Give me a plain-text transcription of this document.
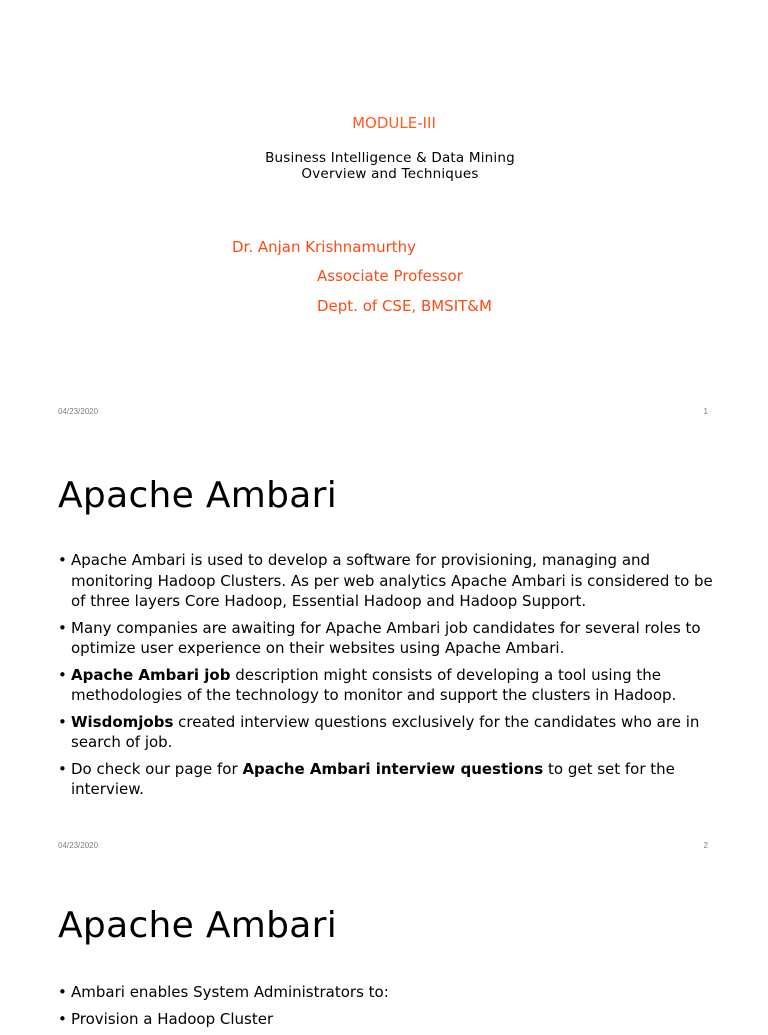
MODULE-III
Business Intelligence & Data Mining
Overview and Techniques
Dr. Anjan Krishnamurthy
Associate Professor
Dept. of CSE, BMSIT&M
04/23/2020	1
Apache Ambari
• Apache Ambari is used to develop a software for provisioning, managing and monitoring Hadoop Clusters. As per web analytics Apache Ambari is considered to be of three layers Core Hadoop, Essential Hadoop and Hadoop Support.
• Many companies are awaiting for Apache Ambari job candidates for several roles to optimize user experience on their websites using Apache Ambari.
• Apache Ambari job description might consists of developing a tool using the methodologies of the technology to monitor and support the clusters in Hadoop.
• Wisdomjobs created interview questions exclusively for the candidates who are in search of job.
• Do check our page for Apache Ambari interview questions to get set for the interview.
04/23/2020	2
Apache Ambari
• Ambari enables System Administrators to:
• Provision a Hadoop Cluster
